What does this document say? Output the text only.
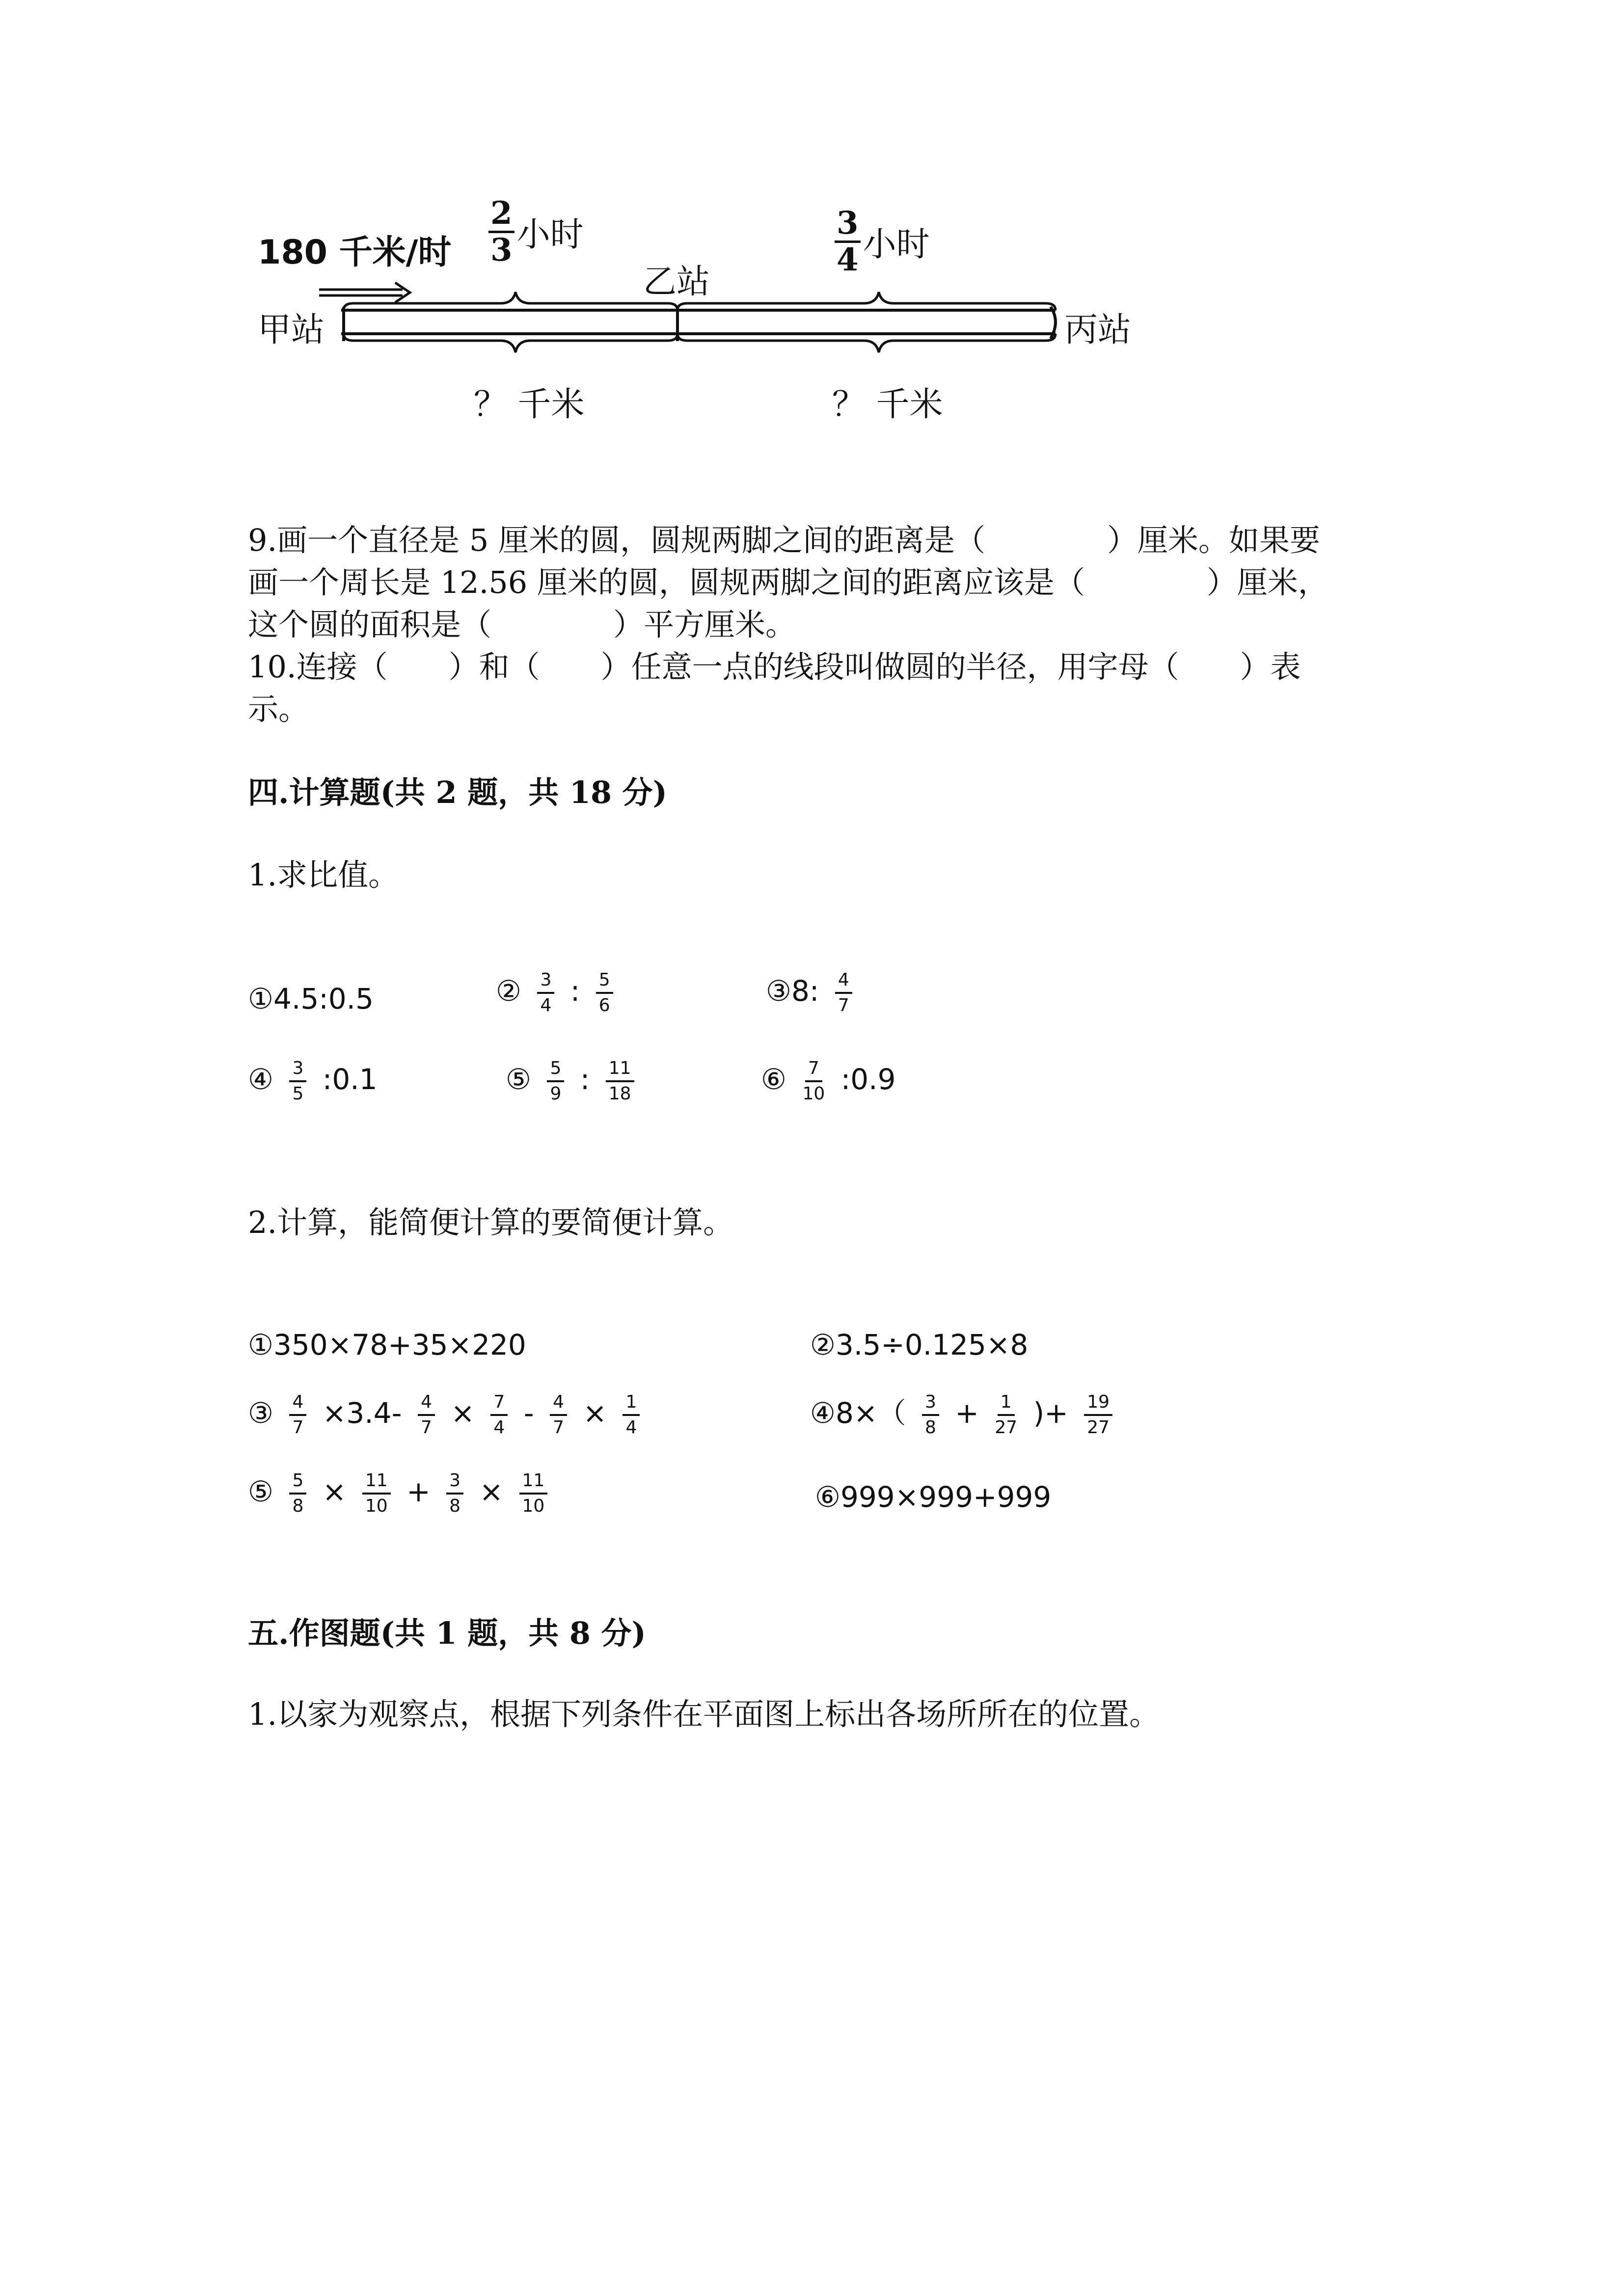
180 千米/时 $\frac{2}{3}$ 小时	$\frac{3}{4}$ 小时
甲站
乙站
丙站
？ 千米	？ 千米
9.画一个直径是 5 厘米的圆，圆规两脚之间的距离是（　　　　）厘米。如果要
画一个周长是 12.56 厘米的圆，圆规两脚之间的距离应该是（　　　　）厘米，
这个圆的面积是（　　　　）平方厘米。
10.连接（　　）和（　　）任意一点的线段叫做圆的半径，用字母（　　）表
示。
四.计算题(共 2 题，共 18 分)
1.求比值。
①4.5:0.5	② $\frac{3}{4}$ : $\frac{5}{6}$	③8: $\frac{4}{7}$
④ $\frac{3}{5}$ :0.1	⑤ $\frac{5}{9}$ : $\frac{11}{18}$	⑥ $\frac{7}{10}$ :0.9
2.计算，能简便计算的要简便计算。
①350×78+35×220	②3.5÷0.125×8
③ $\frac{4}{7} \times 3.4- \frac{4}{7} \times \frac{7}{4} - \frac{4}{7} \times \frac{1}{4}$	④8×（ $\frac{3}{8} + \frac{1}{27}$ )+ $\frac{19}{27}$
⑤ $\frac{5}{8} \times \frac{11}{10} + \frac{3}{8} \times \frac{11}{10}$	⑥999×999+999
五.作图题(共 1 题，共 8 分)
1.以家为观察点，根据下列条件在平面图上标出各场所所在的位置。
